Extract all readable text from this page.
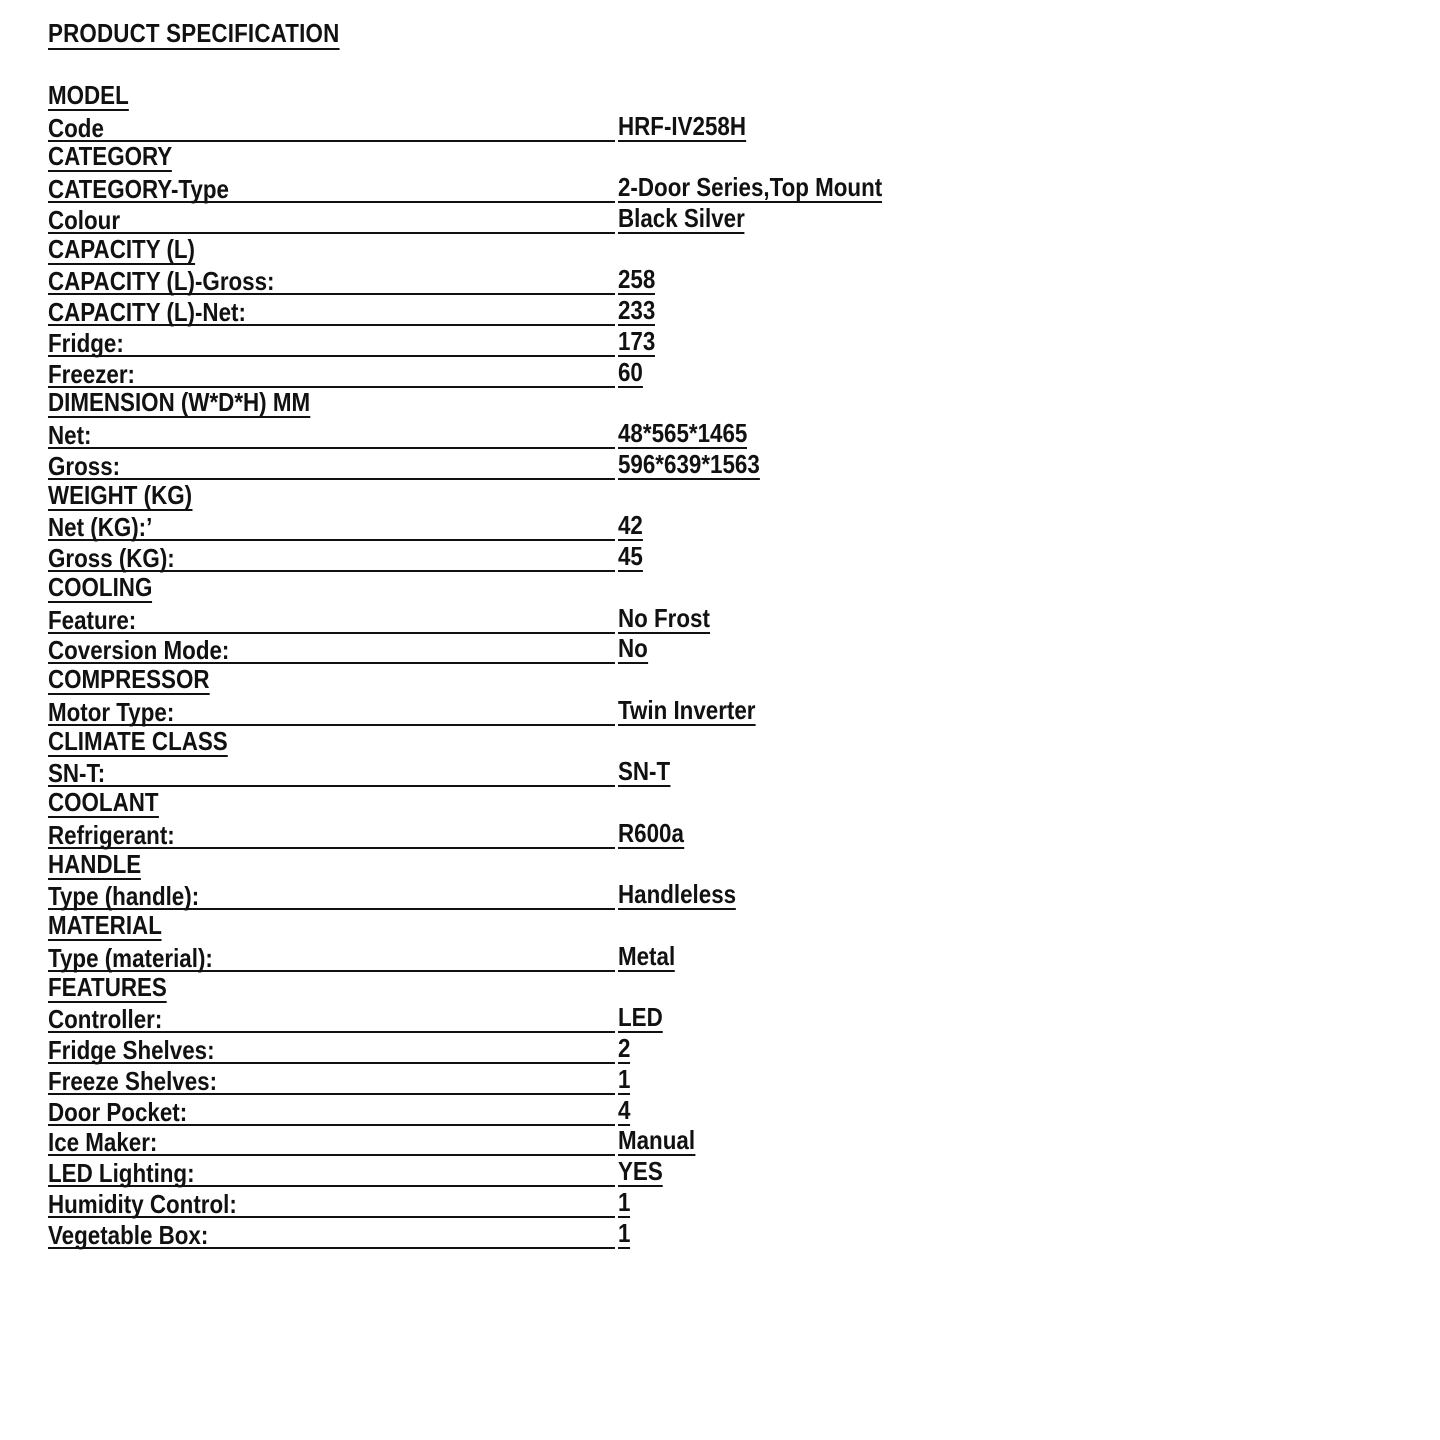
PRODUCT SPECIFICATION
MODEL
Code	HRF-IV258H
CATEGORY
CATEGORY-Type	2-Door Series,Top Mount
Colour	Black Silver
CAPACITY (L)
CAPACITY (L)-Gross:	258
CAPACITY (L)-Net:	233
Fridge:	173
Freezer:	60
DIMENSION (W*D*H) MM
Net:	48*565*1465
Gross:	596*639*1563
WEIGHT (KG)
Net (KG):’	42
Gross (KG):	45
COOLING
Feature:	No Frost
Coversion Mode:	No
COMPRESSOR
Motor Type:	Twin Inverter
CLIMATE CLASS
SN-T:	SN-T
COOLANT
Refrigerant:	R600a
HANDLE
Type (handle):	Handleless
MATERIAL
Type (material):	Metal
FEATURES
Controller:	LED
Fridge Shelves:	2
Freeze Shelves:	1
Door Pocket:	4
Ice Maker:	Manual
LED Lighting:	YES
Humidity Control:	1
Vegetable Box:	1
